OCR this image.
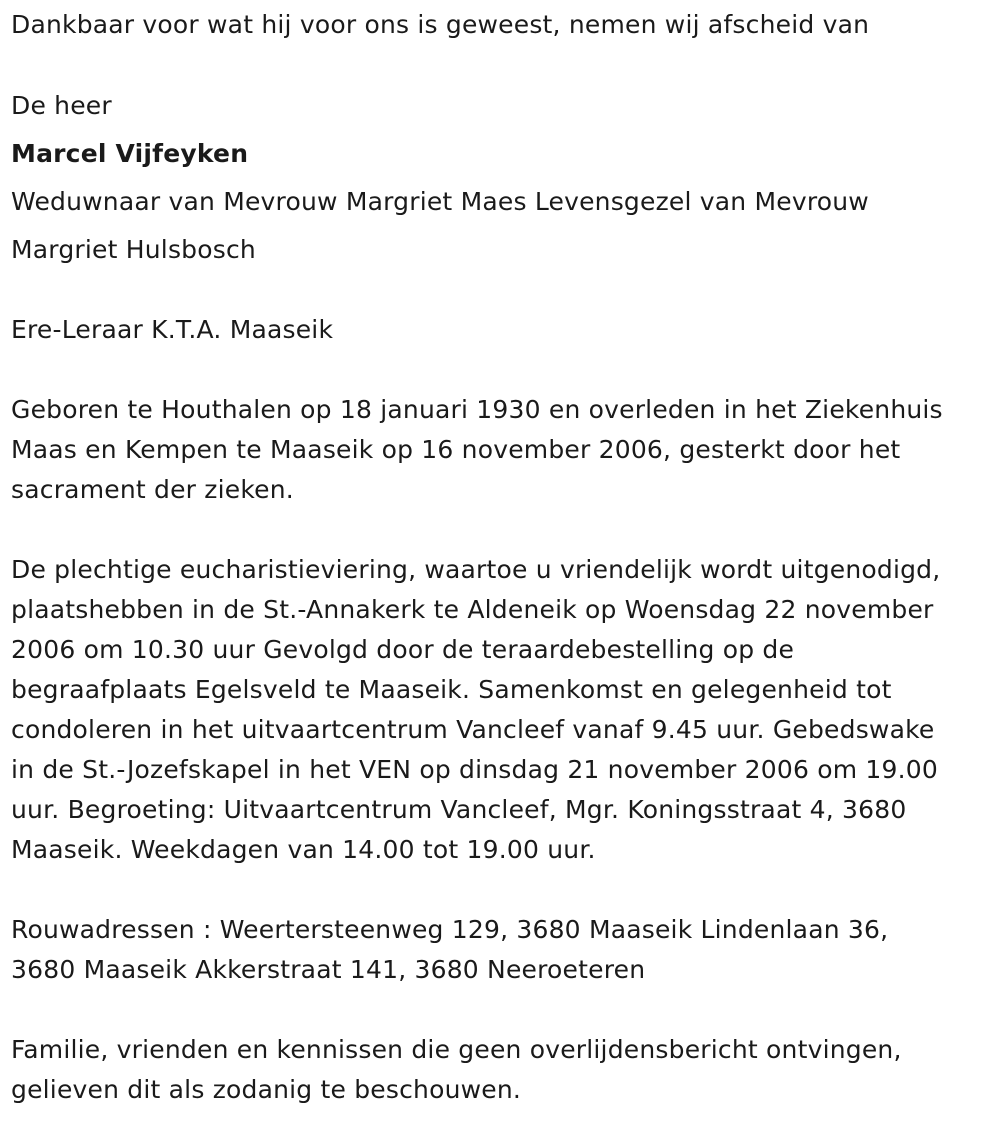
Dankbaar voor wat hij voor ons is geweest, nemen wij afscheid van
De heer
Marcel Vijfeyken
Weduwnaar van Mevrouw Margriet Maes Levensgezel van Mevrouw
Margriet Hulsbosch
Ere-Leraar K.T.A. Maaseik
Geboren te Houthalen op 18 januari 1930 en overleden in het Ziekenhuis
Maas en Kempen te Maaseik op 16 november 2006, gesterkt door het
sacrament der zieken.
De plechtige eucharistieviering, waartoe u vriendelijk wordt uitgenodigd,
plaatshebben in de St.-Annakerk te Aldeneik op Woensdag 22 november
2006 om 10.30 uur Gevolgd door de teraardebestelling op de
begraafplaats Egelsveld te Maaseik. Samenkomst en gelegenheid tot
condoleren in het uitvaartcentrum Vancleef vanaf 9.45 uur. Gebedswake
in de St.-Jozefskapel in het VEN op dinsdag 21 november 2006 om 19.00
uur. Begroeting: Uitvaartcentrum Vancleef, Mgr. Koningsstraat 4, 3680
Maaseik. Weekdagen van 14.00 tot 19.00 uur.
Rouwadressen : Weertersteenweg 129, 3680 Maaseik Lindenlaan 36,
3680 Maaseik Akkerstraat 141, 3680 Neeroeteren
Familie, vrienden en kennissen die geen overlijdensbericht ontvingen,
gelieven dit als zodanig te beschouwen.
